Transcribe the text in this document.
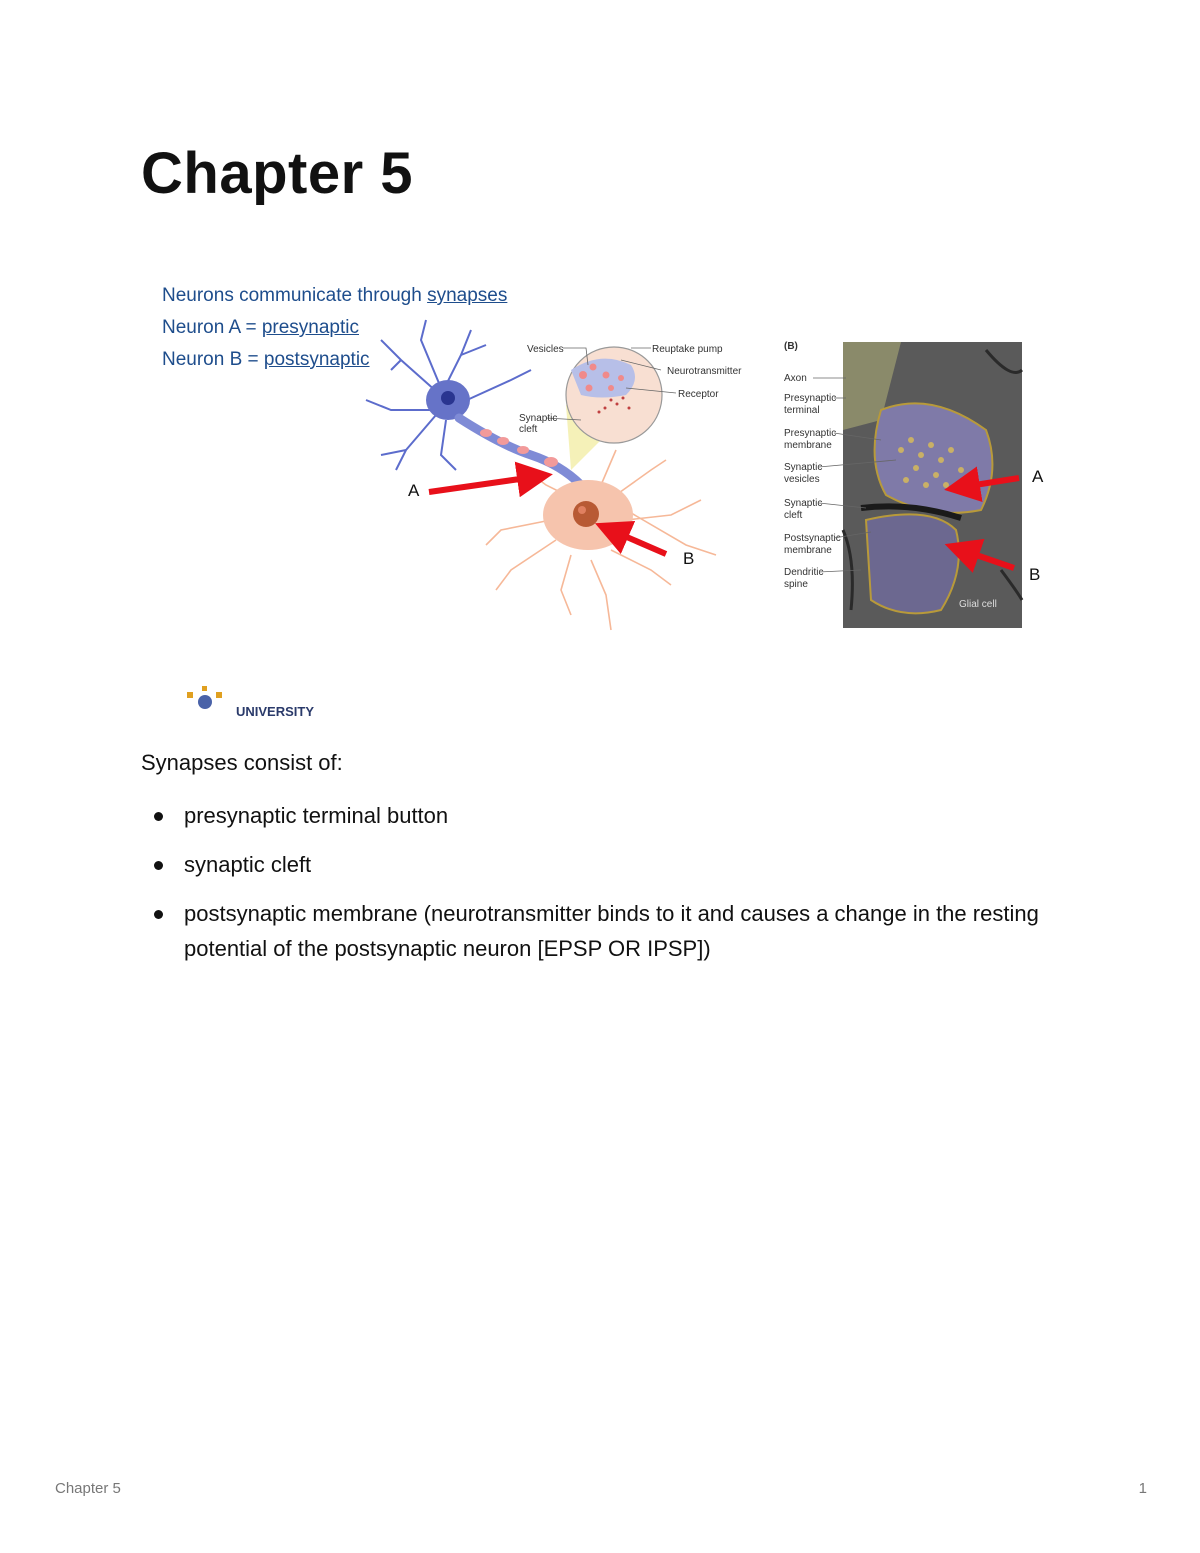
Chapter 5
Vesicles	Reuptake pump
Neurotransmitter
Receptor
Synaptic
cleft
A
B
(B)
Axon
Presynaptic
terminal
Presynaptic
membrane
Synaptic
vesicles
Synaptic
cleft
Postsynaptic
membrane
Dendritic
spine
Glial cell
A
B
UNIVERSITY
Neurons communicate through synapses
Neuron A = presynaptic
Neuron B = postsynaptic
Synapses consist of:
presynaptic terminal button
synaptic cleft
postsynaptic membrane (neurotransmitter binds to it and causes a change in the resting potential of the postsynaptic neuron [EPSP OR IPSP])
Chapter 5	1
